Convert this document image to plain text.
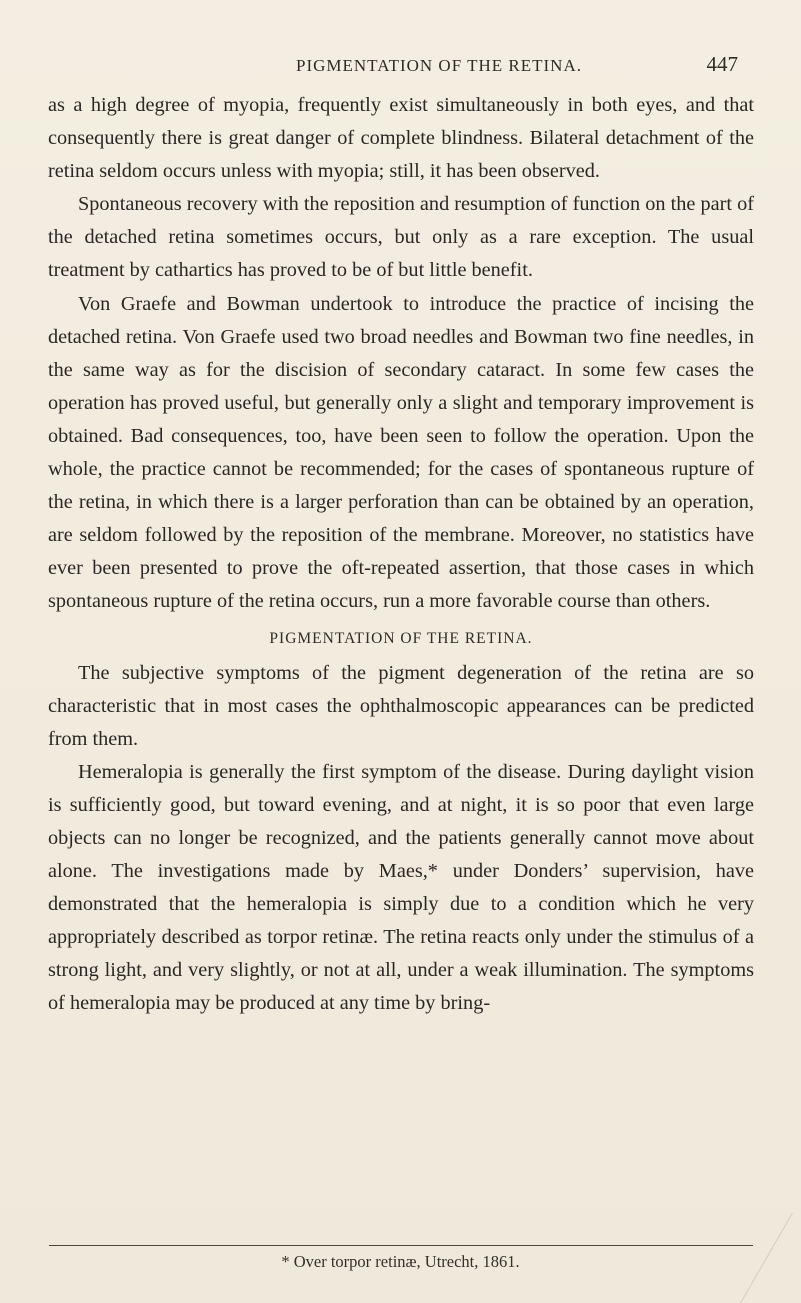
PIGMENTATION OF THE RETINA.	447

as a high degree of myopia, frequently exist simultaneously in both eyes, and that consequently there is great danger of complete blindness. Bilateral detachment of the retina seldom occurs unless with myopia; still, it has been observed.

Spontaneous recovery with the reposition and resumption of function on the part of the detached retina sometimes occurs, but only as a rare exception. The usual treatment by cathartics has proved to be of but little benefit.

Von Graefe and Bowman undertook to introduce the practice of incising the detached retina. Von Graefe used two broad needles and Bowman two fine needles, in the same way as for the discision of secondary cataract. In some few cases the operation has proved useful, but generally only a slight and temporary improvement is obtained. Bad consequences, too, have been seen to follow the operation. Upon the whole, the practice cannot be recommended; for the cases of spontaneous rupture of the retina, in which there is a larger perforation than can be obtained by an operation, are seldom followed by the reposition of the membrane. Moreover, no statistics have ever been presented to prove the oft-repeated assertion, that those cases in which spontaneous rupture of the retina occurs, run a more favorable course than others.

PIGMENTATION OF THE RETINA.

The subjective symptoms of the pigment degeneration of the retina are so characteristic that in most cases the ophthalmoscopic appearances can be predicted from them.

Hemeralopia is generally the first symptom of the disease. During daylight vision is sufficiently good, but toward evening, and at night, it is so poor that even large objects can no longer be recognized, and the patients generally cannot move about alone. The investigations made by Maes,* under Donders’ supervision, have demonstrated that the hemeralopia is simply due to a condition which he very appropriately described as torpor retinæ. The retina reacts only under the stimulus of a strong light, and very slightly, or not at all, under a weak illumination. The symptoms of hemeralopia may be produced at any time by bring-

* Over torpor retinæ, Utrecht, 1861.
